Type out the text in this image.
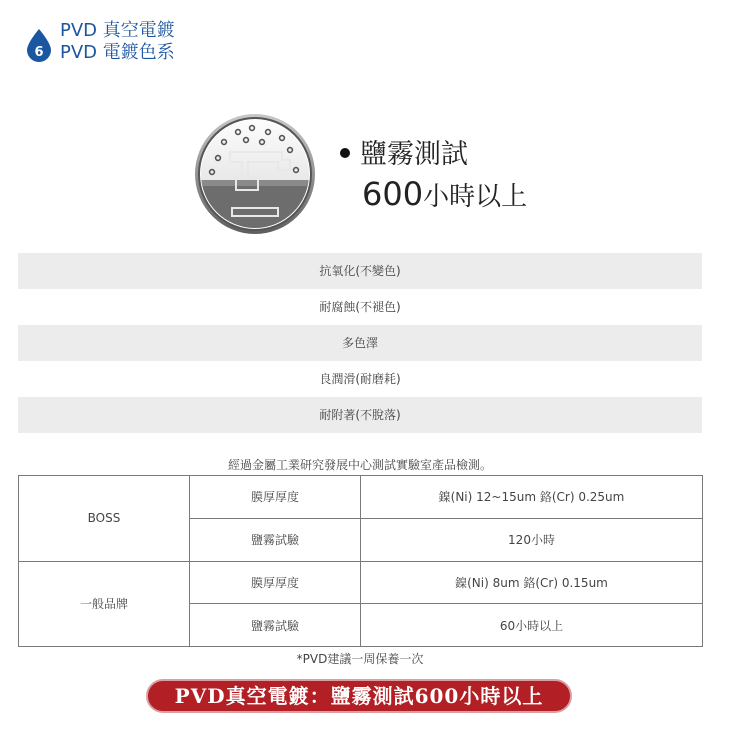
6
PVD 真空電鍍
PVD 電鍍色系
鹽霧測試
600小時以上
抗氧化(不變色)
耐腐蝕(不褪色)
多色澤
良潤滑(耐磨耗)
耐附著(不脫落)
經過金屬工業研究發展中心測試實驗室產品檢測。
BOSS	膜厚厚度	鎳(Ni) 12~15um 鉻(Cr) 0.25um
	鹽霧試驗	120小時
一般品牌	膜厚厚度	鎳(Ni) 8um 鉻(Cr) 0.15um
	鹽霧試驗	60小時以上
*PVD建議一周保養一次
PVD真空電鍍：鹽霧測試600小時以上
